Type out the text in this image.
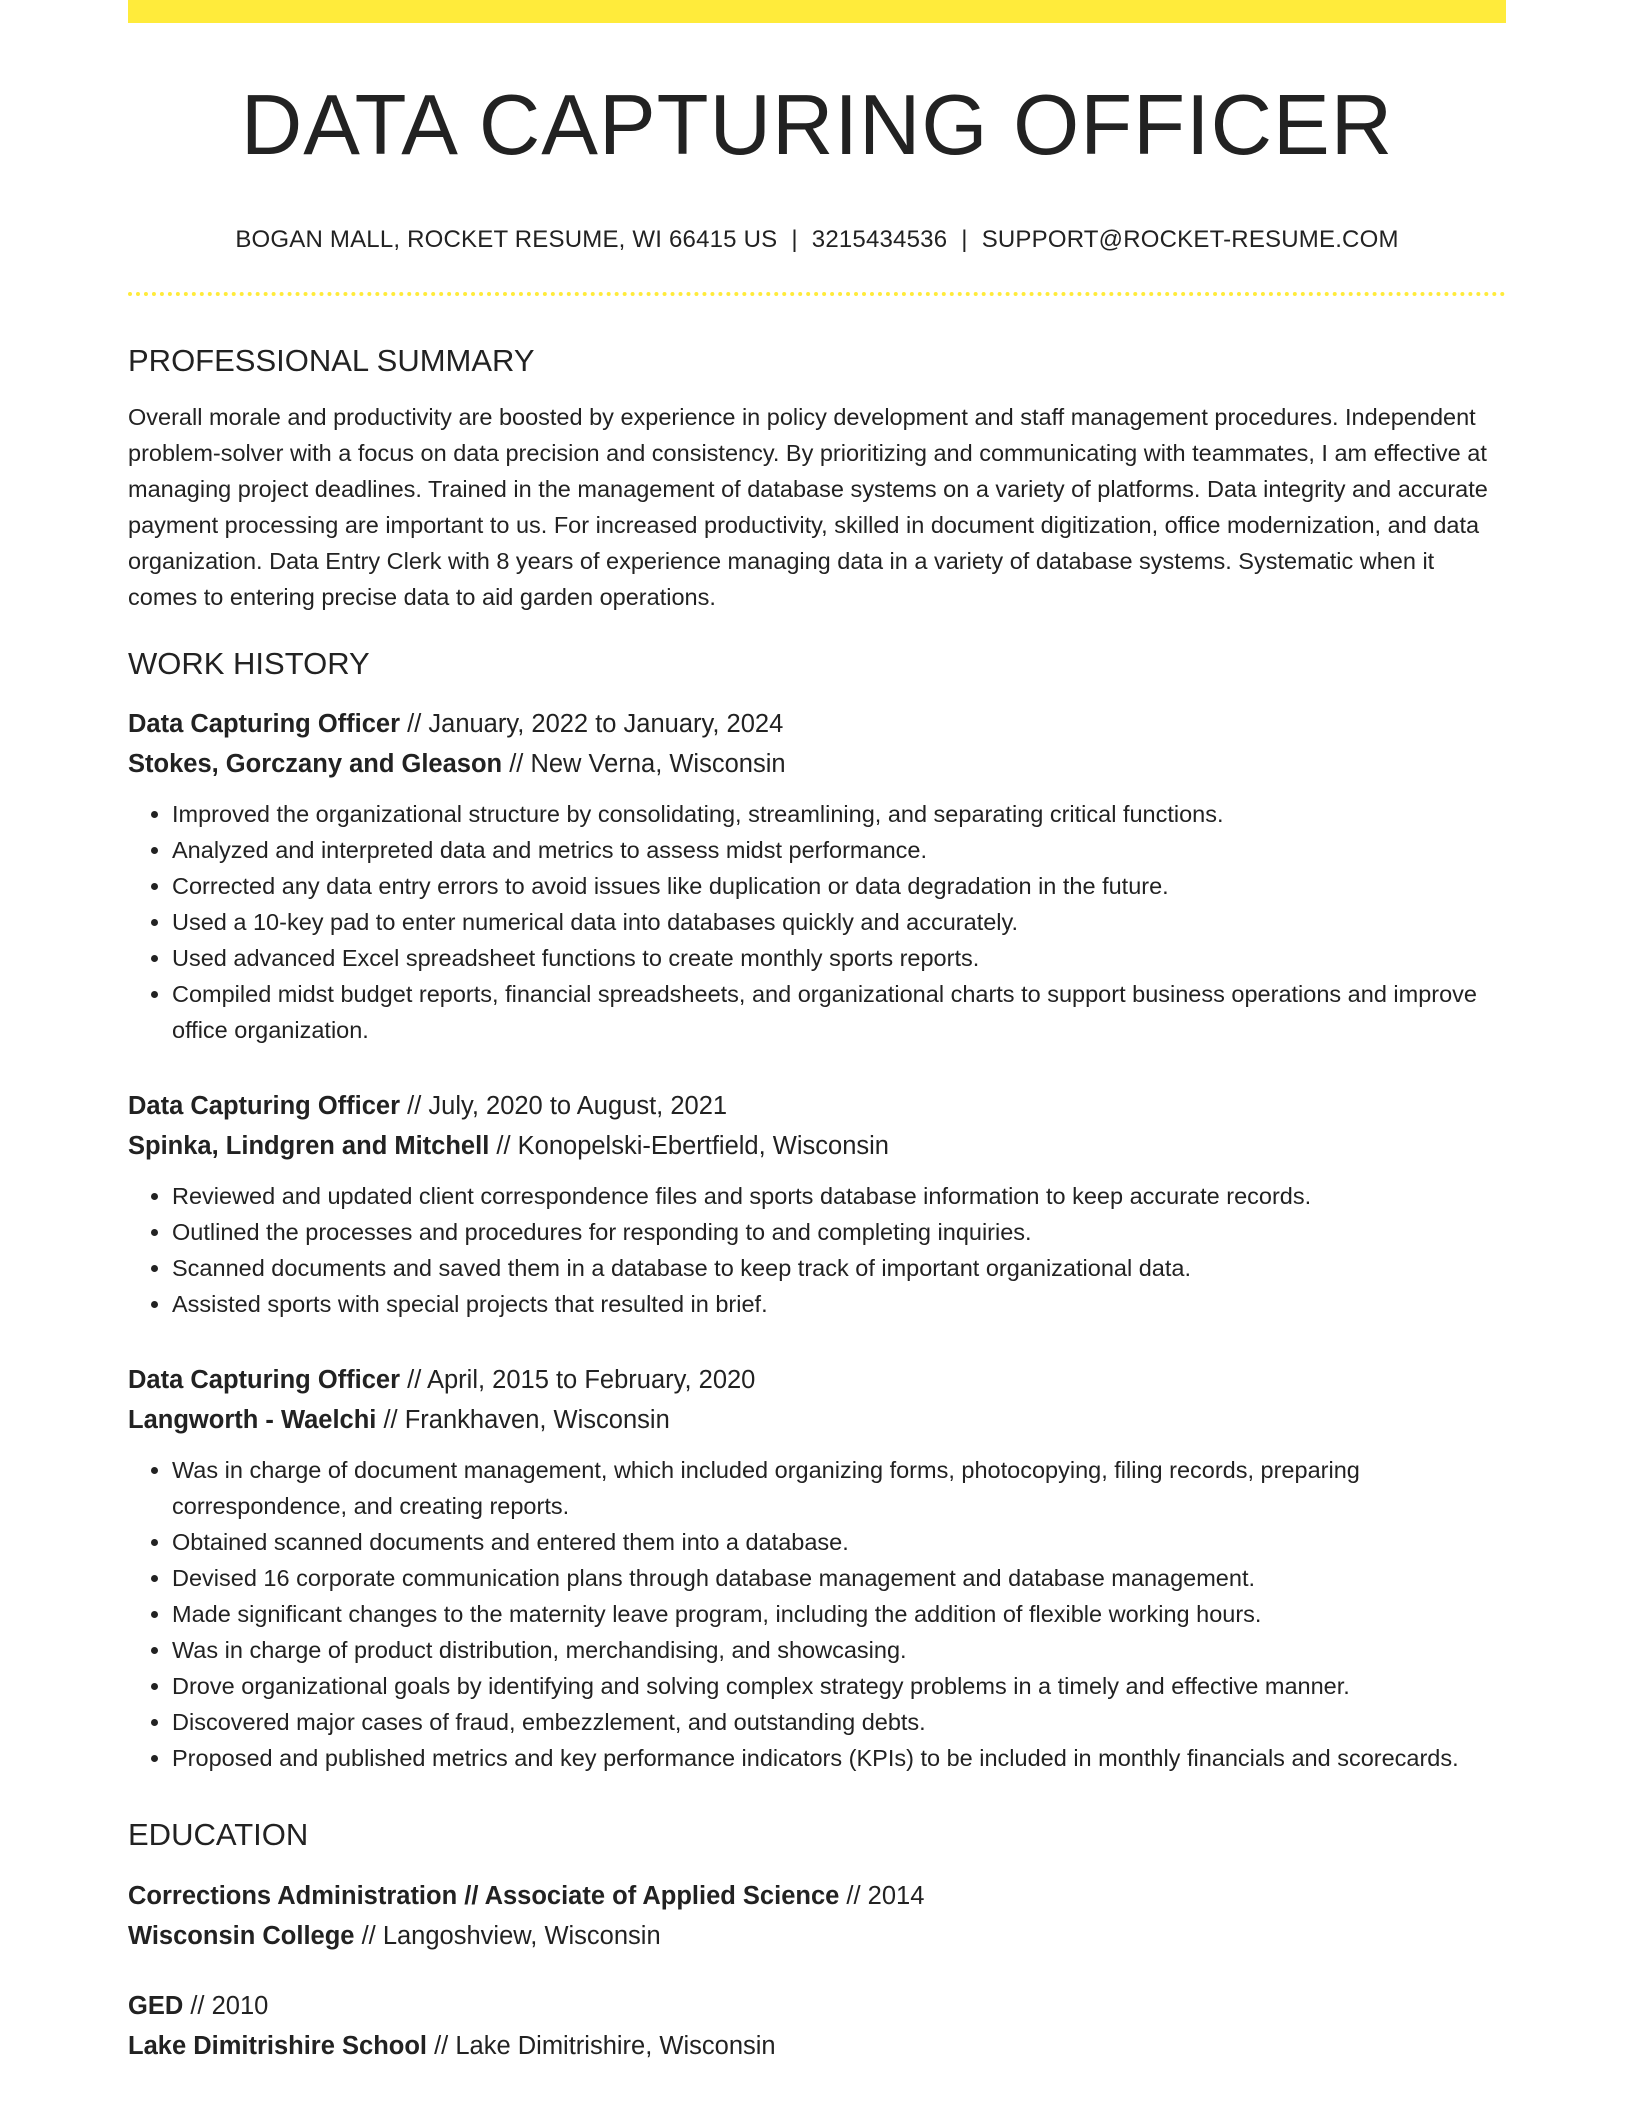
DATA CAPTURING OFFICER
BOGAN MALL, ROCKET RESUME, WI 66415 US | 3215434536 | SUPPORT@ROCKET-RESUME.COM
PROFESSIONAL SUMMARY
Overall morale and productivity are boosted by experience in policy development and staff management procedures. Independent problem-solver with a focus on data precision and consistency. By prioritizing and communicating with teammates, I am effective at managing project deadlines. Trained in the management of database systems on a variety of platforms. Data integrity and accurate payment processing are important to us. For increased productivity, skilled in document digitization, office modernization, and data organization. Data Entry Clerk with 8 years of experience managing data in a variety of database systems. Systematic when it comes to entering precise data to aid garden operations.
WORK HISTORY
Data Capturing Officer // January, 2022 to January, 2024
Stokes, Gorczany and Gleason // New Verna, Wisconsin
• Improved the organizational structure by consolidating, streamlining, and separating critical functions.
• Analyzed and interpreted data and metrics to assess midst performance.
• Corrected any data entry errors to avoid issues like duplication or data degradation in the future.
• Used a 10-key pad to enter numerical data into databases quickly and accurately.
• Used advanced Excel spreadsheet functions to create monthly sports reports.
• Compiled midst budget reports, financial spreadsheets, and organizational charts to support business operations and improve office organization.
Data Capturing Officer // July, 2020 to August, 2021
Spinka, Lindgren and Mitchell // Konopelski-Ebertfield, Wisconsin
• Reviewed and updated client correspondence files and sports database information to keep accurate records.
• Outlined the processes and procedures for responding to and completing inquiries.
• Scanned documents and saved them in a database to keep track of important organizational data.
• Assisted sports with special projects that resulted in brief.
Data Capturing Officer // April, 2015 to February, 2020
Langworth - Waelchi // Frankhaven, Wisconsin
• Was in charge of document management, which included organizing forms, photocopying, filing records, preparing correspondence, and creating reports.
• Obtained scanned documents and entered them into a database.
• Devised 16 corporate communication plans through database management and database management.
• Made significant changes to the maternity leave program, including the addition of flexible working hours.
• Was in charge of product distribution, merchandising, and showcasing.
• Drove organizational goals by identifying and solving complex strategy problems in a timely and effective manner.
• Discovered major cases of fraud, embezzlement, and outstanding debts.
• Proposed and published metrics and key performance indicators (KPIs) to be included in monthly financials and scorecards.
EDUCATION
Corrections Administration // Associate of Applied Science // 2014
Wisconsin College // Langoshview, Wisconsin
GED // 2010
Lake Dimitrishire School // Lake Dimitrishire, Wisconsin
